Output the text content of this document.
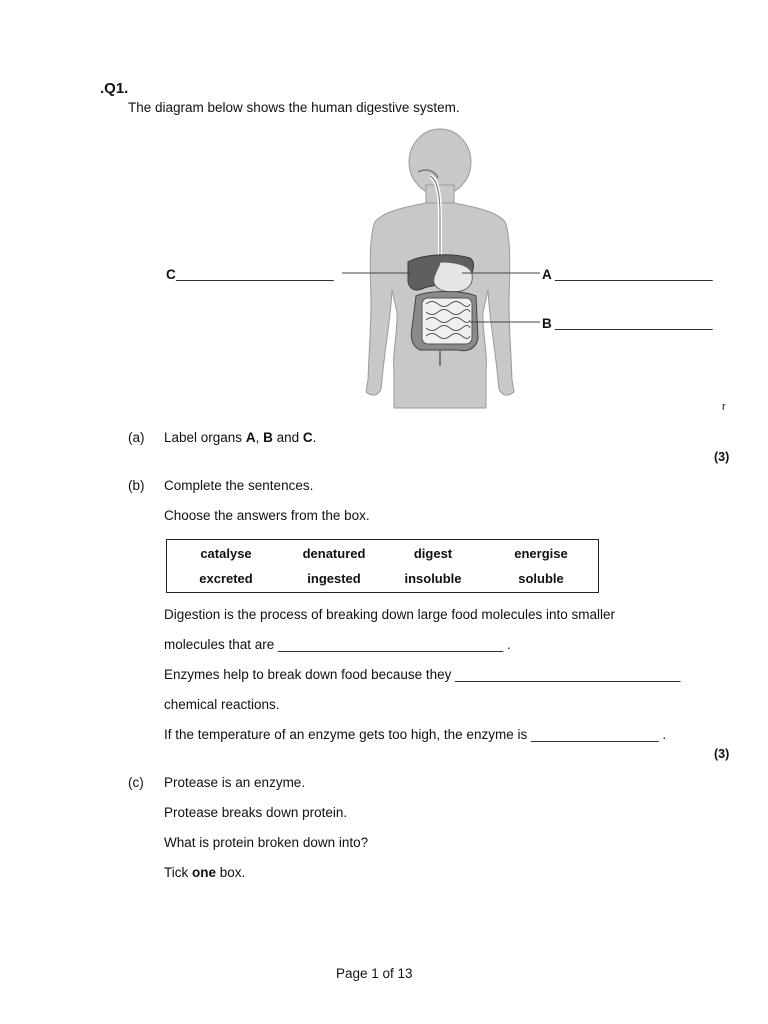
.Q1.
The diagram below shows the human digestive system.
C _____________________	A _____________________
B _____________________
r
(a) Label organs A, B and C.
(3)
(b) Complete the sentences.
Choose the answers from the box.
catalyse	denatured	digest	energise
excreted	ingested	insoluble	soluble
Digestion is the process of breaking down large food molecules into smaller
molecules that are ______________________________ .
Enzymes help to break down food because they ______________________________
chemical reactions.
If the temperature of an enzyme gets too high, the enzyme is _________________ .
(3)
(c) Protease is an enzyme.
Protease breaks down protein.
What is protein broken down into?
Tick one box.
Page 1 of 13
